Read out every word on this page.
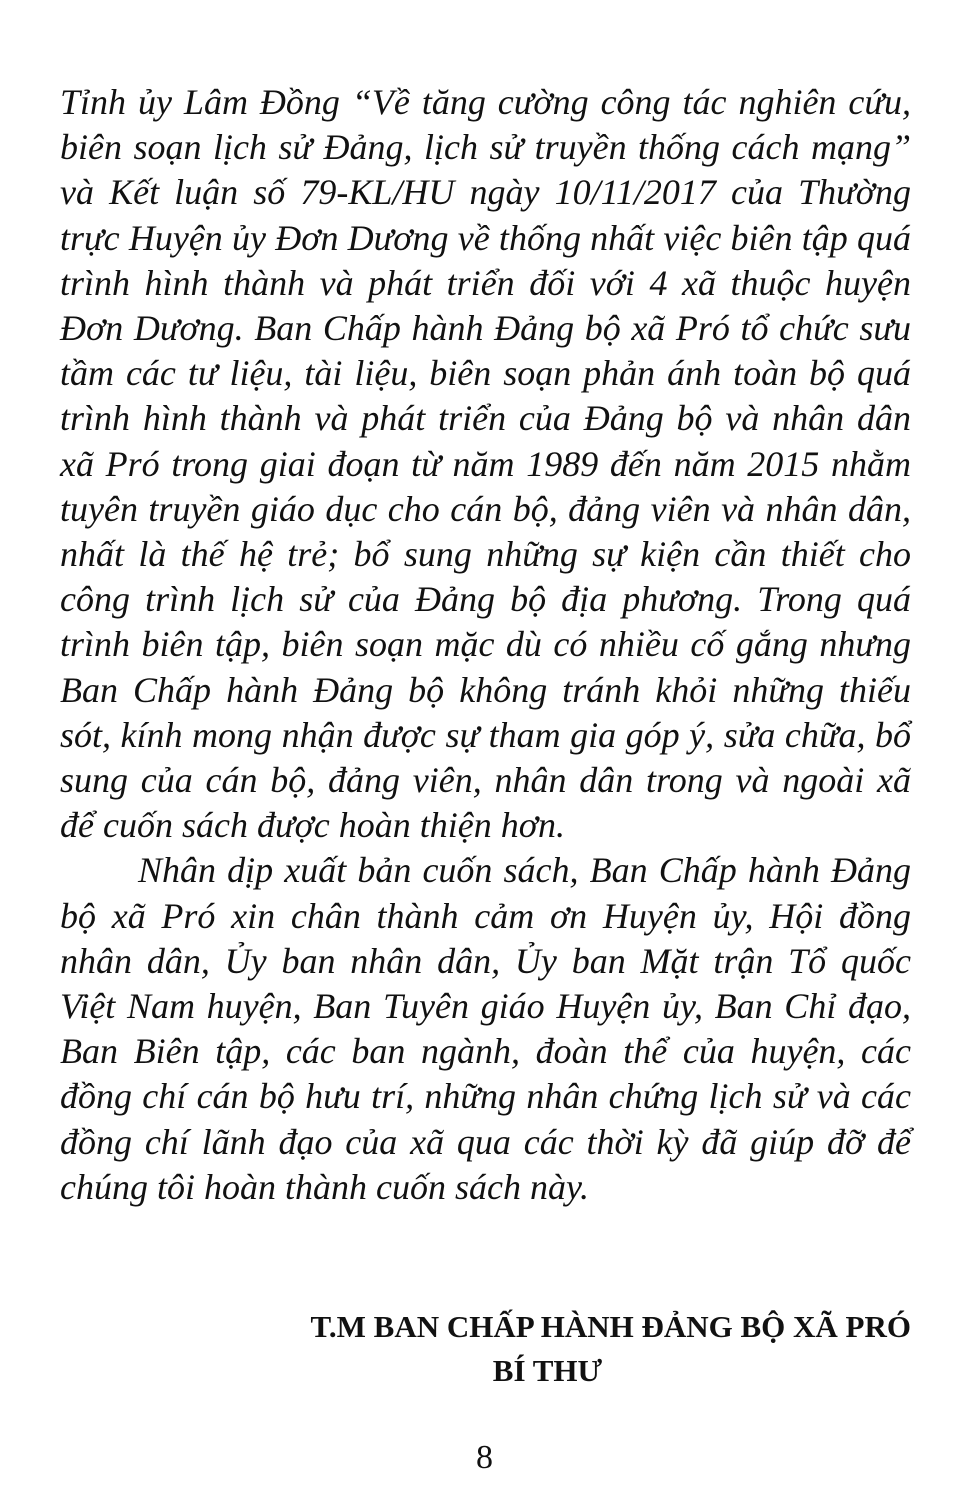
Tỉnh ủy Lâm Đồng “Về tăng cường công tác nghiên cứu, biên soạn lịch sử Đảng, lịch sử truyền thống cách mạng” và Kết luận số 79-KL/HU ngày 10/11/2017 của Thường trực Huyện ủy Đơn Dương về thống nhất việc biên tập quá trình hình thành và phát triển đối với 4 xã thuộc huyện Đơn Dương. Ban Chấp hành Đảng bộ xã Pró tổ chức sưu tầm các tư liệu, tài liệu, biên soạn phản ánh toàn bộ quá trình hình thành và phát triển của Đảng bộ và nhân dân xã Pró trong giai đoạn từ năm 1989 đến năm 2015 nhằm tuyên truyền giáo dục cho cán bộ, đảng viên và nhân dân, nhất là thế hệ trẻ; bổ sung những sự kiện cần thiết cho công trình lịch sử của Đảng bộ địa phương. Trong quá trình biên tập, biên soạn mặc dù có nhiều cố gắng nhưng Ban Chấp hành Đảng bộ không tránh khỏi những thiếu sót, kính mong nhận được sự tham gia góp ý, sửa chữa, bổ sung của cán bộ, đảng viên, nhân dân trong và ngoài xã để cuốn sách được hoàn thiện hơn.

Nhân dịp xuất bản cuốn sách, Ban Chấp hành Đảng bộ xã Pró xin chân thành cảm ơn Huyện ủy, Hội đồng nhân dân, Ủy ban nhân dân, Ủy ban Mặt trận Tổ quốc Việt Nam huyện, Ban Tuyên giáo Huyện ủy, Ban Chỉ đạo, Ban Biên tập, các ban ngành, đoàn thể của huyện, các đồng chí cán bộ hưu trí, những nhân chứng lịch sử và các đồng chí lãnh đạo của xã qua các thời kỳ đã giúp đỡ để chúng tôi hoàn thành cuốn sách này.

T.M BAN CHẤP HÀNH ĐẢNG BỘ XÃ PRÓ
BÍ THƯ
8
